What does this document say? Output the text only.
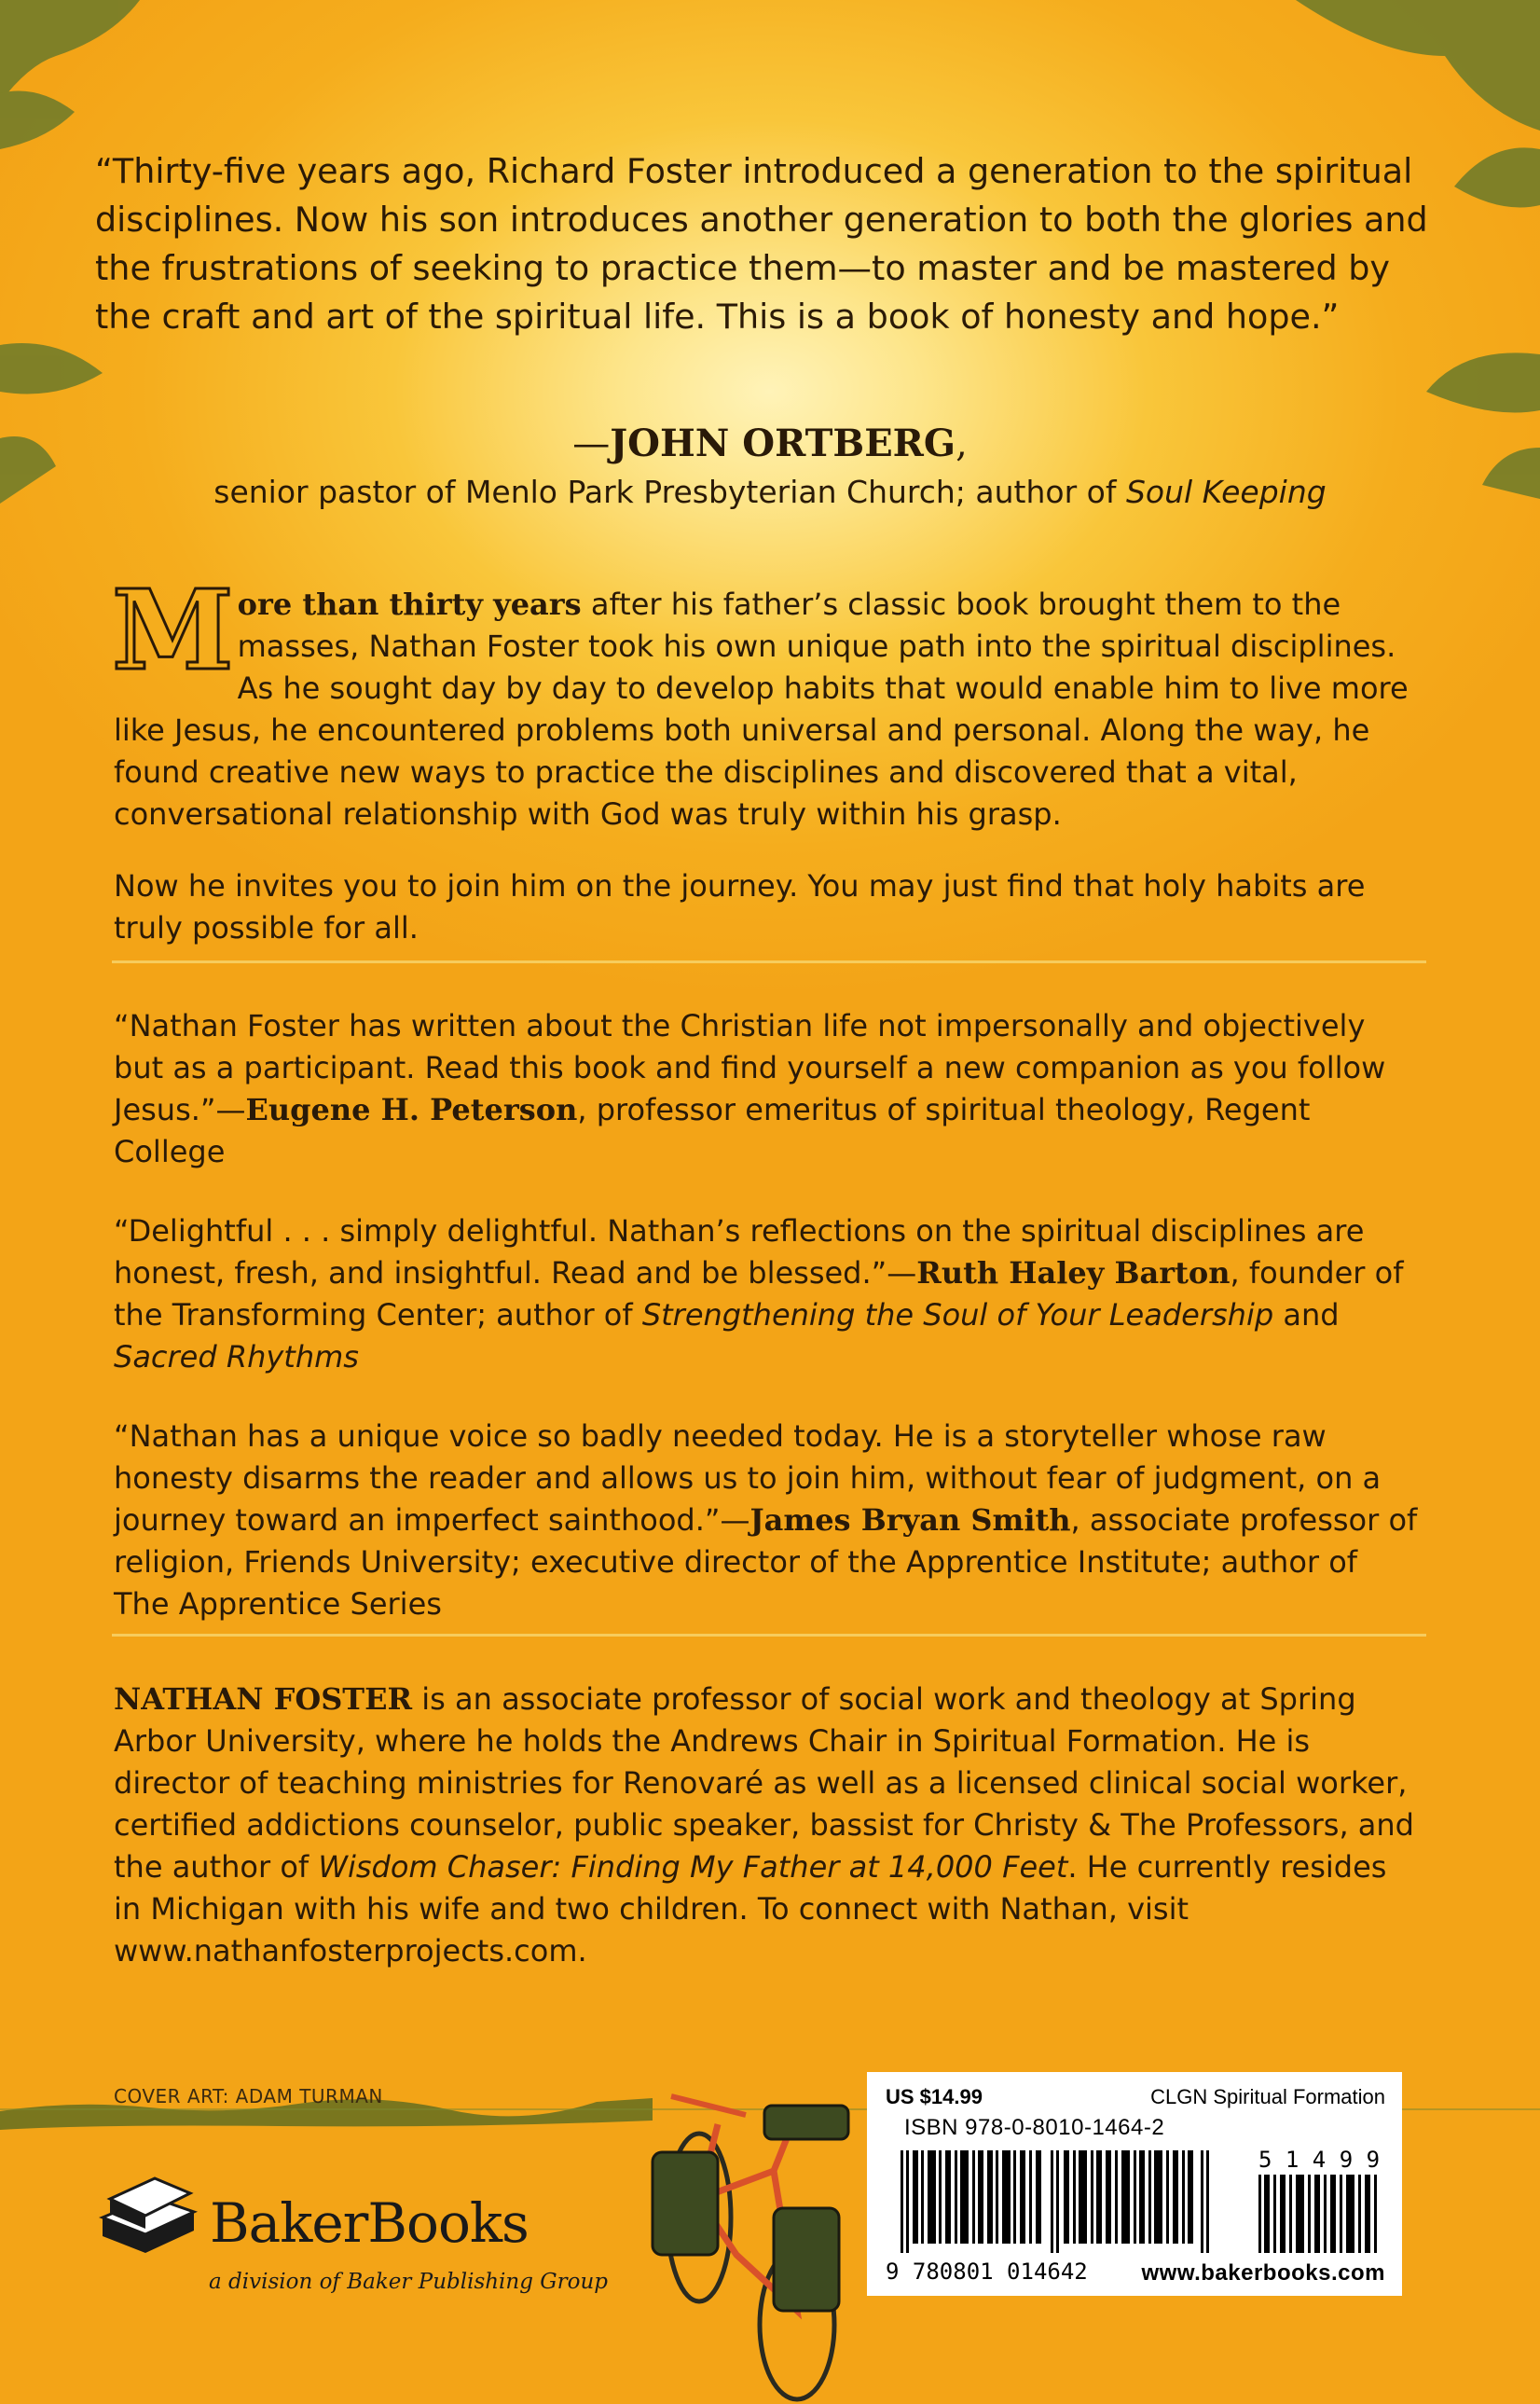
“Thirty-five years ago, Richard Foster introduced a generation to the spiritual disciplines. Now his son introduces another generation to both the glories and the frustrations of seeking to practice them—to master and be mastered by the craft and art of the spiritual life. This is a book of honesty and hope.”
—JOHN ORTBERG,
senior pastor of Menlo Park Presbyterian Church; author of Soul Keeping
More than thirty years after his father’s classic book brought them to the masses, Nathan Foster took his own unique path into the spiritual disciplines. As he sought day by day to develop habits that would enable him to live more like Jesus, he encountered problems both universal and personal. Along the way, he found creative new ways to practice the disciplines and discovered that a vital, conversational relationship with God was truly within his grasp.
Now he invites you to join him on the journey. You may just find that holy habits are truly possible for all.
“Nathan Foster has written about the Christian life not impersonally and objectively but as a participant. Read this book and find yourself a new companion as you follow Jesus.”—Eugene H. Peterson, professor emeritus of spiritual theology, Regent College
“Delightful . . . simply delightful. Nathan’s reflections on the spiritual disciplines are honest, fresh, and insightful. Read and be blessed.”—Ruth Haley Barton, founder of the Transforming Center; author of Strengthening the Soul of Your Leadership and Sacred Rhythms
“Nathan has a unique voice so badly needed today. He is a storyteller whose raw honesty disarms the reader and allows us to join him, without fear of judgment, on a journey toward an imperfect sainthood.”—James Bryan Smith, associate professor of religion, Friends University; executive director of the Apprentice Institute; author of The Apprentice Series
NATHAN FOSTER is an associate professor of social work and theology at Spring Arbor University, where he holds the Andrews Chair in Spiritual Formation. He is director of teaching ministries for Renovaré as well as a licensed clinical social worker, certified addictions counselor, public speaker, bassist for Christy & The Professors, and the author of Wisdom Chaser: Finding My Father at 14,000 Feet. He currently resides in Michigan with his wife and two children. To connect with Nathan, visit www.nathanfosterprojects.com.
COVER ART: ADAM TURMAN
BakerBooks
a division of Baker Publishing Group
US $14.99	CLGN Spiritual Formation
ISBN 978-0-8010-1464-2
5 1 4 9 9
9 780801 014642 www.bakerbooks.com
